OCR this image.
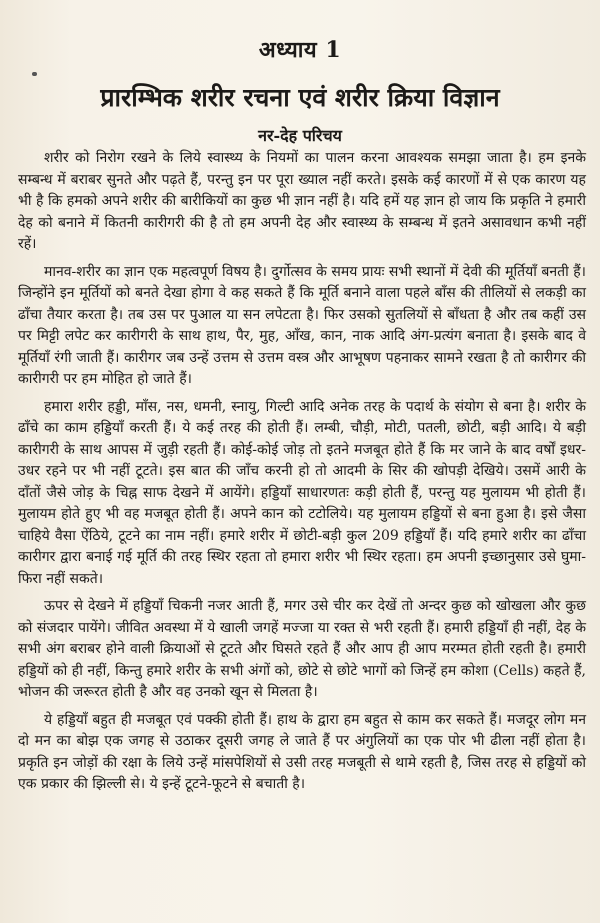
अध्याय 1
प्रारम्भिक शरीर रचना एवं शरीर क्रिया विज्ञान
नर-देह परिचय

शरीर को निरोग रखने के लिये स्वास्थ्य के नियमों का पालन करना आवश्यक समझा जाता है। हम इनके सम्बन्ध में बराबर सुनते और पढ़ते हैं, परन्तु इन पर पूरा ख्याल नहीं करते। इसके कई कारणों में से एक कारण यह भी है कि हमको अपने शरीर की बारीकियों का कुछ भी ज्ञान नहीं है। यदि हमें यह ज्ञान हो जाय कि प्रकृति ने हमारी देह को बनाने में कितनी कारीगरी की है तो हम अपनी देह और स्वास्थ्य के सम्बन्ध में इतने असावधान कभी नहीं रहें।

मानव-शरीर का ज्ञान एक महत्वपूर्ण विषय है। दुर्गोत्सव के समय प्रायः सभी स्थानों में देवी की मूर्तियाँ बनती हैं। जिन्होंने इन मूर्तियों को बनते देखा होगा वे कह सकते हैं कि मूर्ति बनाने वाला पहले बाँस की तीलियों से लकड़ी का ढाँचा तैयार करता है। तब उस पर पुआल या सन लपेटता है। फिर उसको सुतलियों से बाँधता है और तब कहीं उस पर मिट्टी लपेट कर कारीगरी के साथ हाथ, पैर, मुह, आँख, कान, नाक आदि अंग-प्रत्यंग बनाता है। इसके बाद वे मूर्तियाँ रंगी जाती हैं। कारीगर जब उन्हें उत्तम से उत्तम वस्त्र और आभूषण पहनाकर सामने रखता है तो कारीगर की कारीगरी पर हम मोहित हो जाते हैं।

हमारा शरीर हड्डी, माँस, नस, धमनी, स्नायु, गिल्टी आदि अनेक तरह के पदार्थ के संयोग से बना है। शरीर के ढाँचे का काम हड्डियाँ करती हैं। ये कई तरह की होती हैं। लम्बी, चौड़ी, मोटी, पतली, छोटी, बड़ी आदि। ये बड़ी कारीगरी के साथ आपस में जुड़ी रहती हैं। कोई-कोई जोड़ तो इतने मजबूत होते हैं कि मर जाने के बाद वर्षों इधर-उधर रहने पर भी नहीं टूटते। इस बात की जाँच करनी हो तो आदमी के सिर की खोपड़ी देखिये। उसमें आरी के दाँतों जैसे जोड़ के चिह्न साफ देखने में आयेंगे। हड्डियाँ साधारणतः कड़ी होती हैं, परन्तु यह मुलायम भी होती हैं। मुलायम होते हुए भी वह मजबूत होती हैं। अपने कान को टटोलिये। यह मुलायम हड्डियों से बना हुआ है। इसे जैसा चाहिये वैसा ऐंठिये, टूटने का नाम नहीं। हमारे शरीर में छोटी-बड़ी कुल 209 हड्डियाँ हैं। यदि हमारे शरीर का ढाँचा कारीगर द्वारा बनाई गई मूर्ति की तरह स्थिर रहता तो हमारा शरीर भी स्थिर रहता। हम अपनी इच्छानुसार उसे घुमा-फिरा नहीं सकते।

ऊपर से देखने में हड्डियाँ चिकनी नजर आती हैं, मगर उसे चीर कर देखें तो अन्दर कुछ को खोखला और कुछ को संजदार पायेंगे। जीवित अवस्था में ये खाली जगहें मज्जा या रक्त से भरी रहती हैं। हमारी हड्डियाँ ही नहीं, देह के सभी अंग बराबर होने वाली क्रियाओं से टूटते और घिसते रहते हैं और आप ही आप मरम्मत होती रहती है। हमारी हड्डियों को ही नहीं, किन्तु हमारे शरीर के सभी अंगों को, छोटे से छोटे भागों को जिन्हें हम कोशा (Cells) कहते हैं, भोजन की जरूरत होती है और वह उनको खून से मिलता है।

ये हड्डियाँ बहुत ही मजबूत एवं पक्की होती हैं। हाथ के द्वारा हम बहुत से काम कर सकते हैं। मजदूर लोग मन दो मन का बोझ एक जगह से उठाकर दूसरी जगह ले जाते हैं पर अंगुलियों का एक पोर भी ढीला नहीं होता है। प्रकृति इन जोड़ों की रक्षा के लिये उन्हें मांसपेशियों से उसी तरह मजबूती से थामे रहती है, जिस तरह से हड्डियों को एक प्रकार की झिल्ली से। ये इन्हें टूटने-फूटने से बचाती है।
